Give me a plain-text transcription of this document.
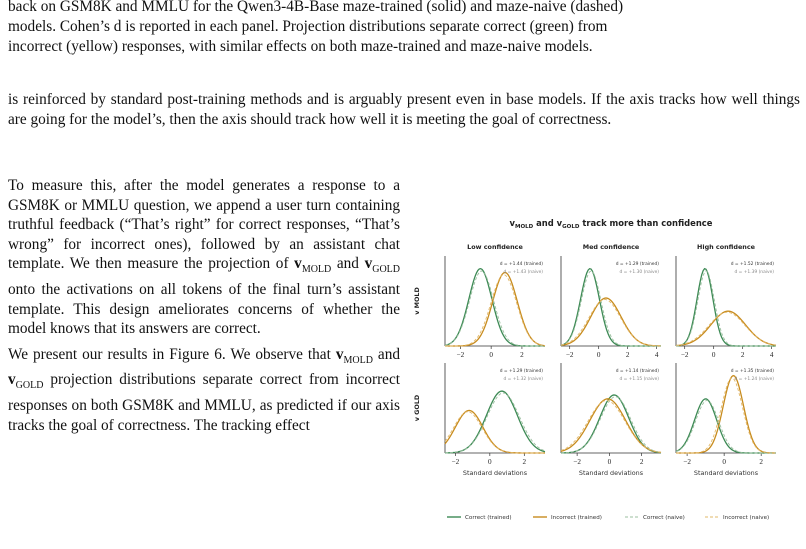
back on GSM8K and MMLU for the Qwen3-4B-Base maze-trained (solid) and maze-naive (dashed)

models. Cohen’s d is reported in each panel. Projection distributions separate correct (green) from

incorrect (yellow) responses, with similar effects on both maze-trained and maze-naive models.

is reinforced by standard post-training methods and is arguably present even in base models. If the axis tracks how well things are going for the model’s, then the axis should track how well it is meeting the goal of correctness.

To measure this, after the model generates a response to a GSM8K or MMLU question, we append a user turn containing truthful feedback (“That’s right” for correct responses, “That’s wrong” for incorrect ones), followed by an assistant chat template. We then measure the projection of $v_{MOLD}$ and $v_{GOLD}$ onto the activations on all tokens of the final turn’s assistant template. This design ameliorates concerns of whether the model knows that its answers are correct.

We present our results in Figure 6. We observe that $v_{MOLD}$ and $v_{GOLD}$ projection distributions separate correct from incorrect responses on both GSM8K and MMLU, as predicted if our axis tracks the goal of correctness. The tracking effect

$v_{MOLD}$ and $v_{GOLD}$ track more than confidence
Low confidence	Med confidence	High confidence
v MOLD
v GOLD
−2	0	2
d = +1.44 (trained)
d = +1.43 (naive)
−2	0	2	4
d = +1.29 (trained)
d = +1.30 (naive)
−2	0	2	4
d = +1.52 (trained)
d = +1.39 (naive)
−2	0	2
d = +1.29 (trained)
d = +1.32 (naive)
Standard deviations
−2	0	2
d = +1.14 (trained)
d = +1.15 (naive)
Standard deviations
−2	0	2
d = +1.35 (trained)
d = +1.24 (naive)
Standard deviations
Correct (trained)	Incorrect (trained)	Correct (naive)	Incorrect (naive)
